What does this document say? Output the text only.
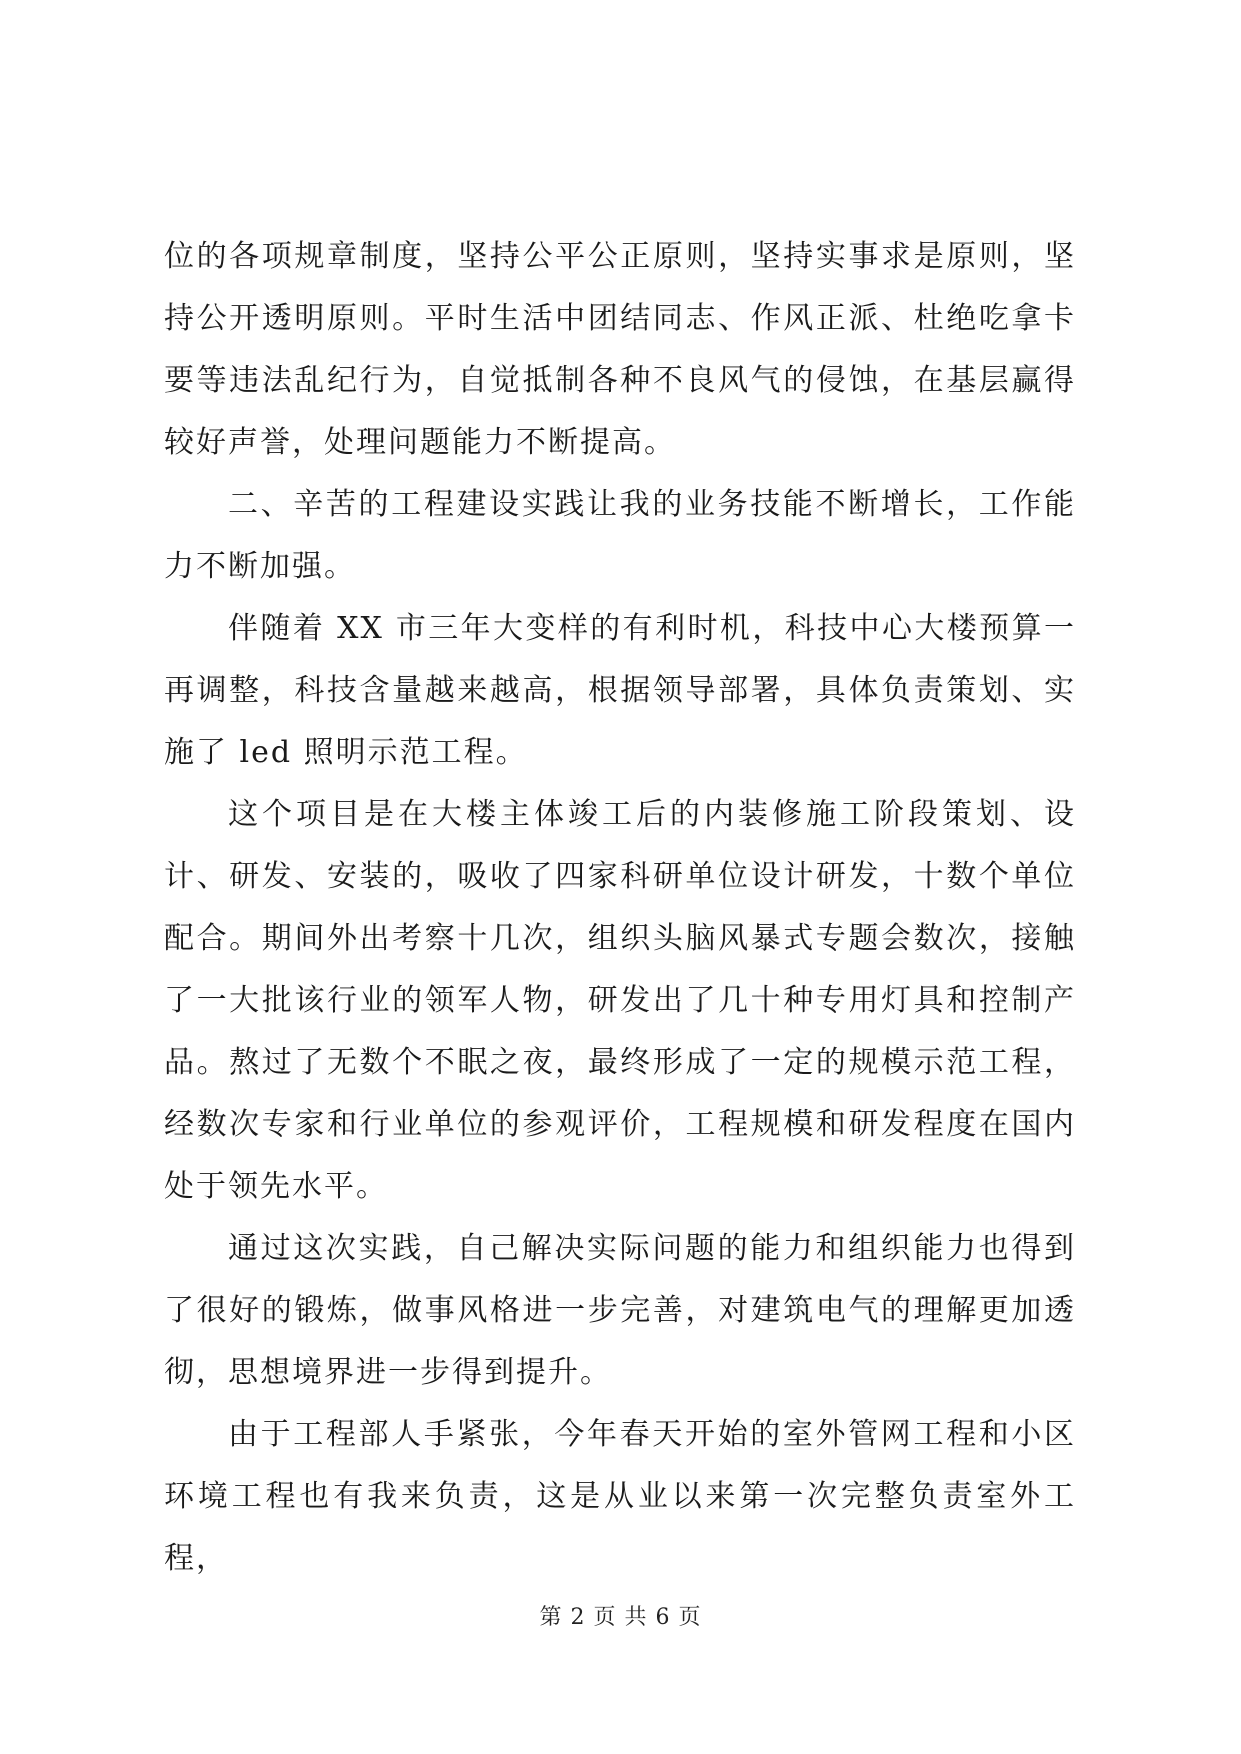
位的各项规章制度，坚持公平公正原则，坚持实事求是原则，坚持公开透明原则。平时生活中团结同志、作风正派、杜绝吃拿卡要等违法乱纪行为，自觉抵制各种不良风气的侵蚀，在基层赢得较好声誉，处理问题能力不断提高。

二、辛苦的工程建设实践让我的业务技能不断增长，工作能力不断加强。

伴随着 XX 市三年大变样的有利时机，科技中心大楼预算一再调整，科技含量越来越高，根据领导部署，具体负责策划、实施了 led 照明示范工程。

这个项目是在大楼主体竣工后的内装修施工阶段策划、设计、研发、安装的，吸收了四家科研单位设计研发，十数个单位配合。期间外出考察十几次，组织头脑风暴式专题会数次，接触了一大批该行业的领军人物，研发出了几十种专用灯具和控制产品。熬过了无数个不眠之夜，最终形成了一定的规模示范工程，经数次专家和行业单位的参观评价，工程规模和研发程度在国内处于领先水平。

通过这次实践，自己解决实际问题的能力和组织能力也得到了很好的锻炼，做事风格进一步完善，对建筑电气的理解更加透彻，思想境界进一步得到提升。

由于工程部人手紧张，今年春天开始的室外管网工程和小区环境工程也有我来负责，这是从业以来第一次完整负责室外工程，

第 2 页 共 6 页
